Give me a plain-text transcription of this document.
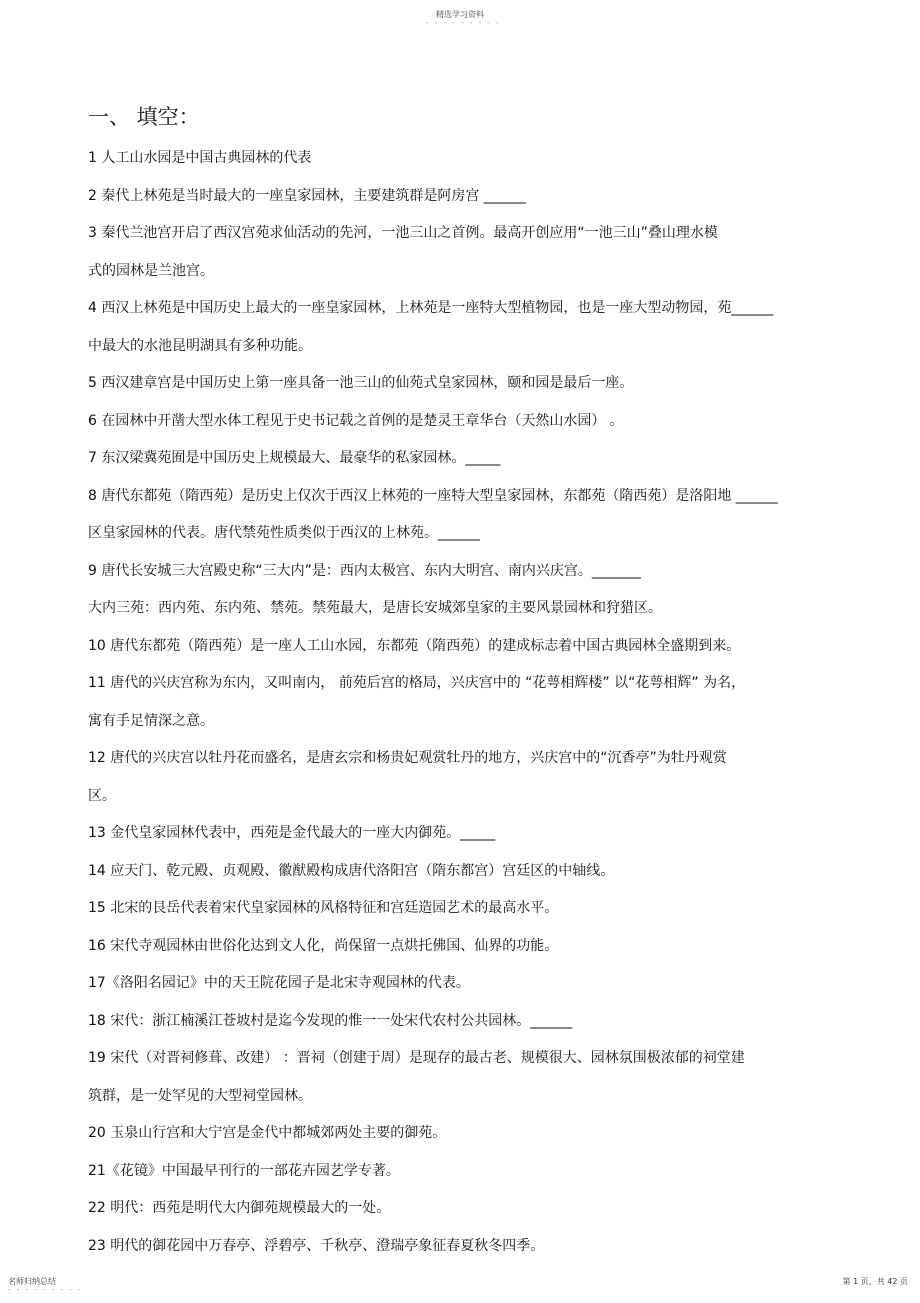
精选学习资料
- - - - - - - - -
一、 填空：
1 人工山水园是中国古典园林的代表
2 秦代上林苑是当时最大的一座皇家园林，主要建筑群是阿房宫 ______
3 秦代兰池宫开启了西汉宫苑求仙活动的先河，一池三山之首例。最高开创应用“一池三山”叠山理水模
式的园林是兰池宫。
4 西汉上林苑是中国历史上最大的一座皇家园林，上林苑是一座特大型植物园，也是一座大型动物园，苑______
中最大的水池昆明湖具有多种功能。
5 西汉建章宫是中国历史上第一座具备一池三山的仙苑式皇家园林，颐和园是最后一座。
6 在园林中开凿大型水体工程见于史书记载之首例的是楚灵王章华台（天然山水园） 。
7 东汉梁冀苑囿是中国历史上规模最大、最豪华的私家园林。_____
8 唐代东都苑（隋西苑）是历史上仅次于西汉上林苑的一座特大型皇家园林，东都苑（隋西苑）是洛阳地 ______
区皇家园林的代表。唐代禁苑性质类似于西汉的上林苑。______
9 唐代长安城三大宫殿史称“三大内”是：西内太极宫、东内大明宫、南内兴庆宫。_______
大内三苑：西内苑、东内苑、禁苑。禁苑最大，是唐长安城郊皇家的主要风景园林和狩猎区。
10 唐代东都苑（隋西苑）是一座人工山水园，东都苑（隋西苑）的建成标志着中国古典园林全盛期到来。
11 唐代的兴庆宫称为东内，又叫南内， 前苑后宫的格局，兴庆宫中的 “花萼相辉楼” 以“花萼相辉” 为名，
寓有手足情深之意。
12 唐代的兴庆宫以牡丹花而盛名，是唐玄宗和杨贵妃观赏牡丹的地方，兴庆宫中的“沉香亭”为牡丹观赏
区。
13 金代皇家园林代表中，西苑是金代最大的一座大内御苑。_____
14 应天门、乾元殿、贞观殿、徽猷殿构成唐代洛阳宫（隋东都宫）宫廷区的中轴线。
15 北宋的艮岳代表着宋代皇家园林的风格特征和宫廷造园艺术的最高水平。
16 宋代寺观园林由世俗化达到文人化，尚保留一点烘托佛国、仙界的功能。
17《洛阳名园记》中的天王院花园子是北宋寺观园林的代表。
18 宋代：浙江楠溪江苍坡村是迄今发现的惟一一处宋代农村公共园林。______
19 宋代（对晋祠修葺、改建） ：晋祠（创建于周）是现存的最古老、规模很大、园林氛围极浓郁的祠堂建
筑群，是一处罕见的大型祠堂园林。
20 玉泉山行宫和大宁宫是金代中都城郊两处主要的御苑。
21《花镜》中国最早刊行的一部花卉园艺学专著。
22 明代：西苑是明代大内御苑规模最大的一处。
23 明代的御花园中万春亭、浮碧亭、千秋亭、澄瑞亭象征春夏秋冬四季。
名师归纳总结
- - - - - - - - -
第 1 页，共 42 页
